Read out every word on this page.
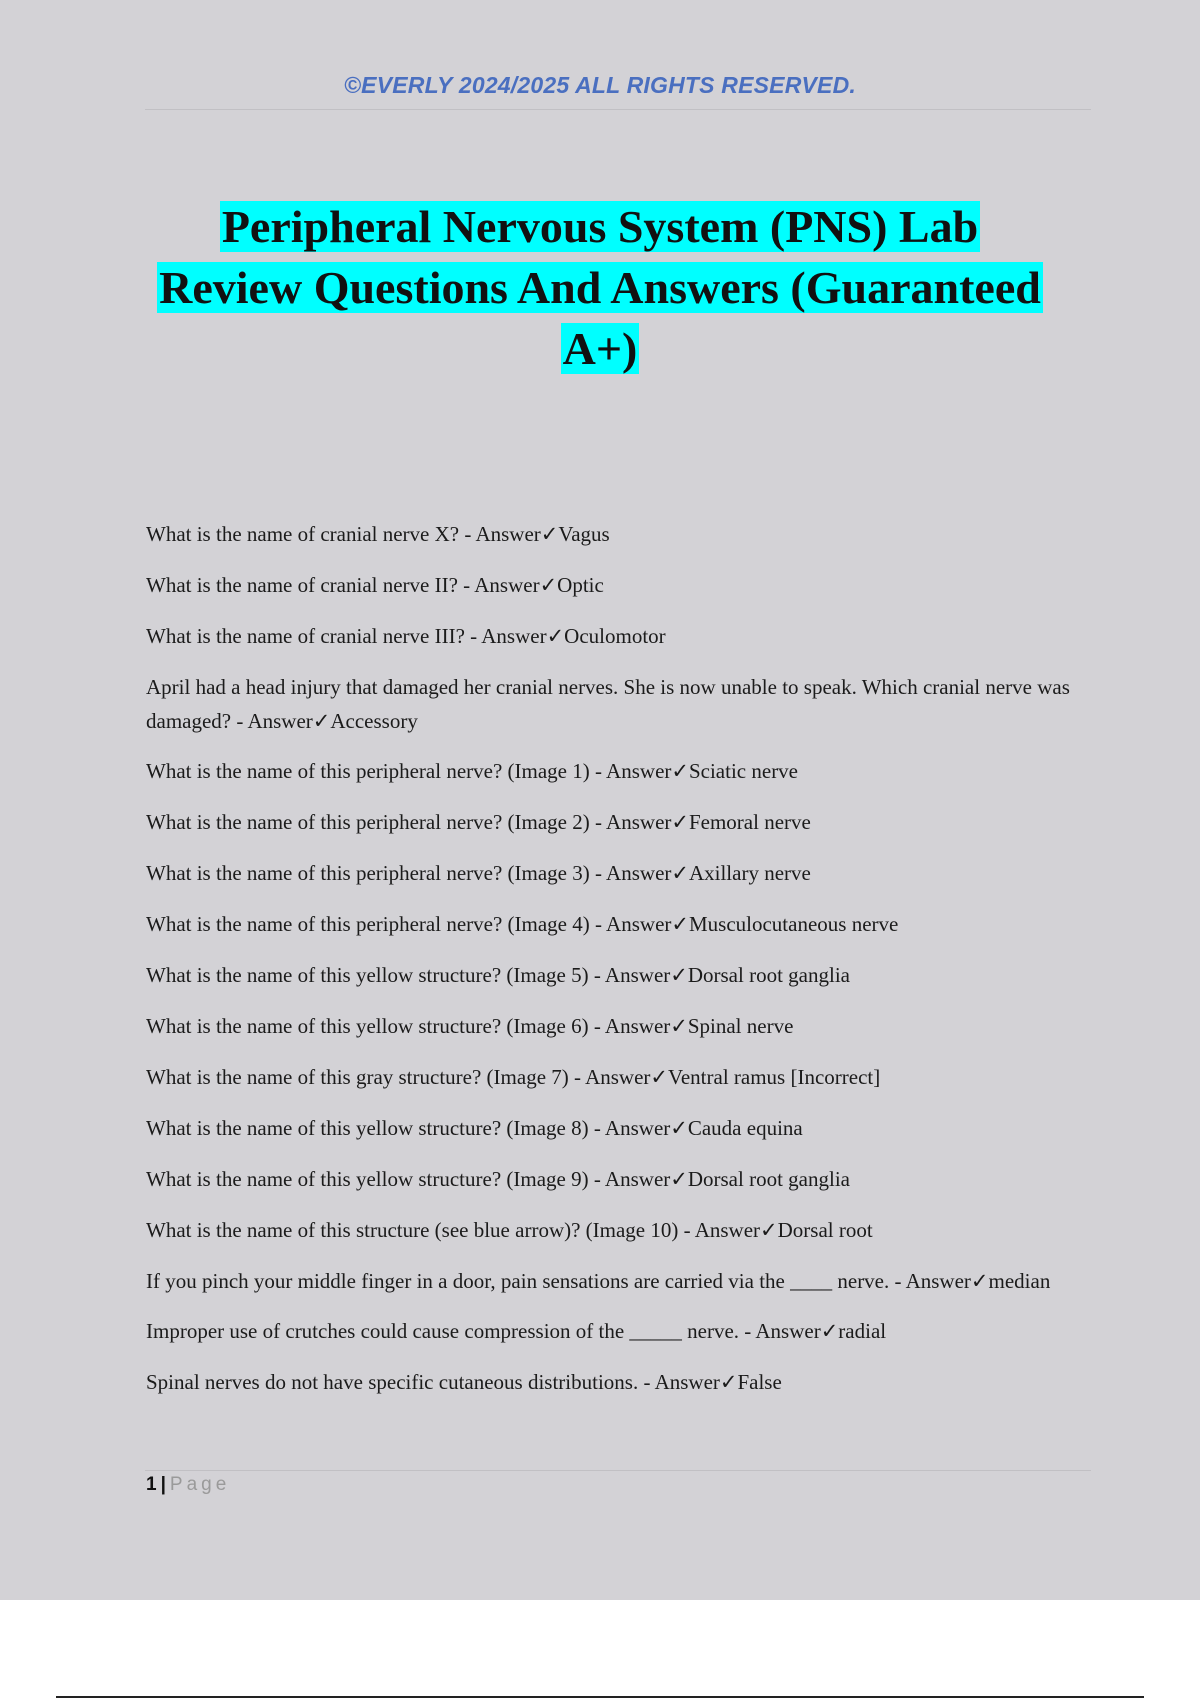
©EVERLY 2024/2025 ALL RIGHTS RESERVED.
Peripheral Nervous System (PNS) Lab
Review Questions And Answers (Guaranteed
A+)
What is the name of cranial nerve X? - Answer✓Vagus
What is the name of cranial nerve II? - Answer✓Optic
What is the name of cranial nerve III? - Answer✓Oculomotor
April had a head injury that damaged her cranial nerves. She is now unable to speak. Which cranial nerve was damaged? - Answer✓Accessory
What is the name of this peripheral nerve? (Image 1) - Answer✓Sciatic nerve
What is the name of this peripheral nerve? (Image 2) - Answer✓Femoral nerve
What is the name of this peripheral nerve? (Image 3) - Answer✓Axillary nerve
What is the name of this peripheral nerve? (Image 4) - Answer✓Musculocutaneous nerve
What is the name of this yellow structure? (Image 5) - Answer✓Dorsal root ganglia
What is the name of this yellow structure? (Image 6) - Answer✓Spinal nerve
What is the name of this gray structure? (Image 7) - Answer✓Ventral ramus [Incorrect]
What is the name of this yellow structure? (Image 8) - Answer✓Cauda equina
What is the name of this yellow structure? (Image 9) - Answer✓Dorsal root ganglia
What is the name of this structure (see blue arrow)? (Image 10) - Answer✓Dorsal root
If you pinch your middle finger in a door, pain sensations are carried via the ____ nerve. - Answer✓median
Improper use of crutches could cause compression of the _____ nerve. - Answer✓radial
Spinal nerves do not have specific cutaneous distributions. - Answer✓False
1 | Page
